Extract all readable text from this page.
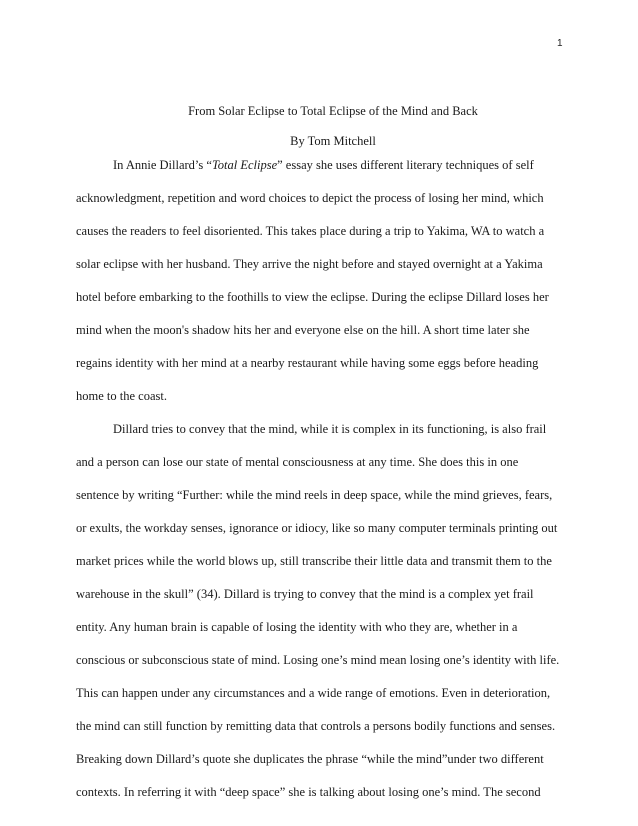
1
From Solar Eclipse to Total Eclipse of the Mind and Back
By Tom Mitchell
In Annie Dillard’s “Total Eclipse” essay she uses different literary techniques of self
acknowledgment, repetition and word choices to depict the process of losing her mind, which
causes the readers to feel disoriented. This takes place during a trip to Yakima, WA to watch a
solar eclipse with her husband. They arrive the night before and stayed overnight at a Yakima
hotel before embarking to the foothills to view the eclipse. During the eclipse Dillard loses her
mind when the moon's shadow hits her and everyone else on the hill. A short time later she
regains identity with her mind at a nearby restaurant while having some eggs before heading
home to the coast.
Dillard tries to convey that the mind, while it is complex in its functioning, is also frail
and a person can lose our state of mental consciousness at any time. She does this in one
sentence by writing “Further: while the mind reels in deep space, while the mind grieves, fears,
or exults, the workday senses, ignorance or idiocy, like so many computer terminals printing out
market prices while the world blows up, still transcribe their little data and transmit them to the
warehouse in the skull” (34). Dillard is trying to convey that the mind is a complex yet frail
entity. Any human brain is capable of losing the identity with who they are, whether in a
conscious or subconscious state of mind. Losing one’s mind mean losing one’s identity with life.
This can happen under any circumstances and a wide range of emotions. Even in deterioration,
the mind can still function by remitting data that controls a persons bodily functions and senses.
Breaking down Dillard’s quote she duplicates the phrase “while the mind”under two different
contexts. In referring it with “deep space” she is talking about losing one’s mind. The second
